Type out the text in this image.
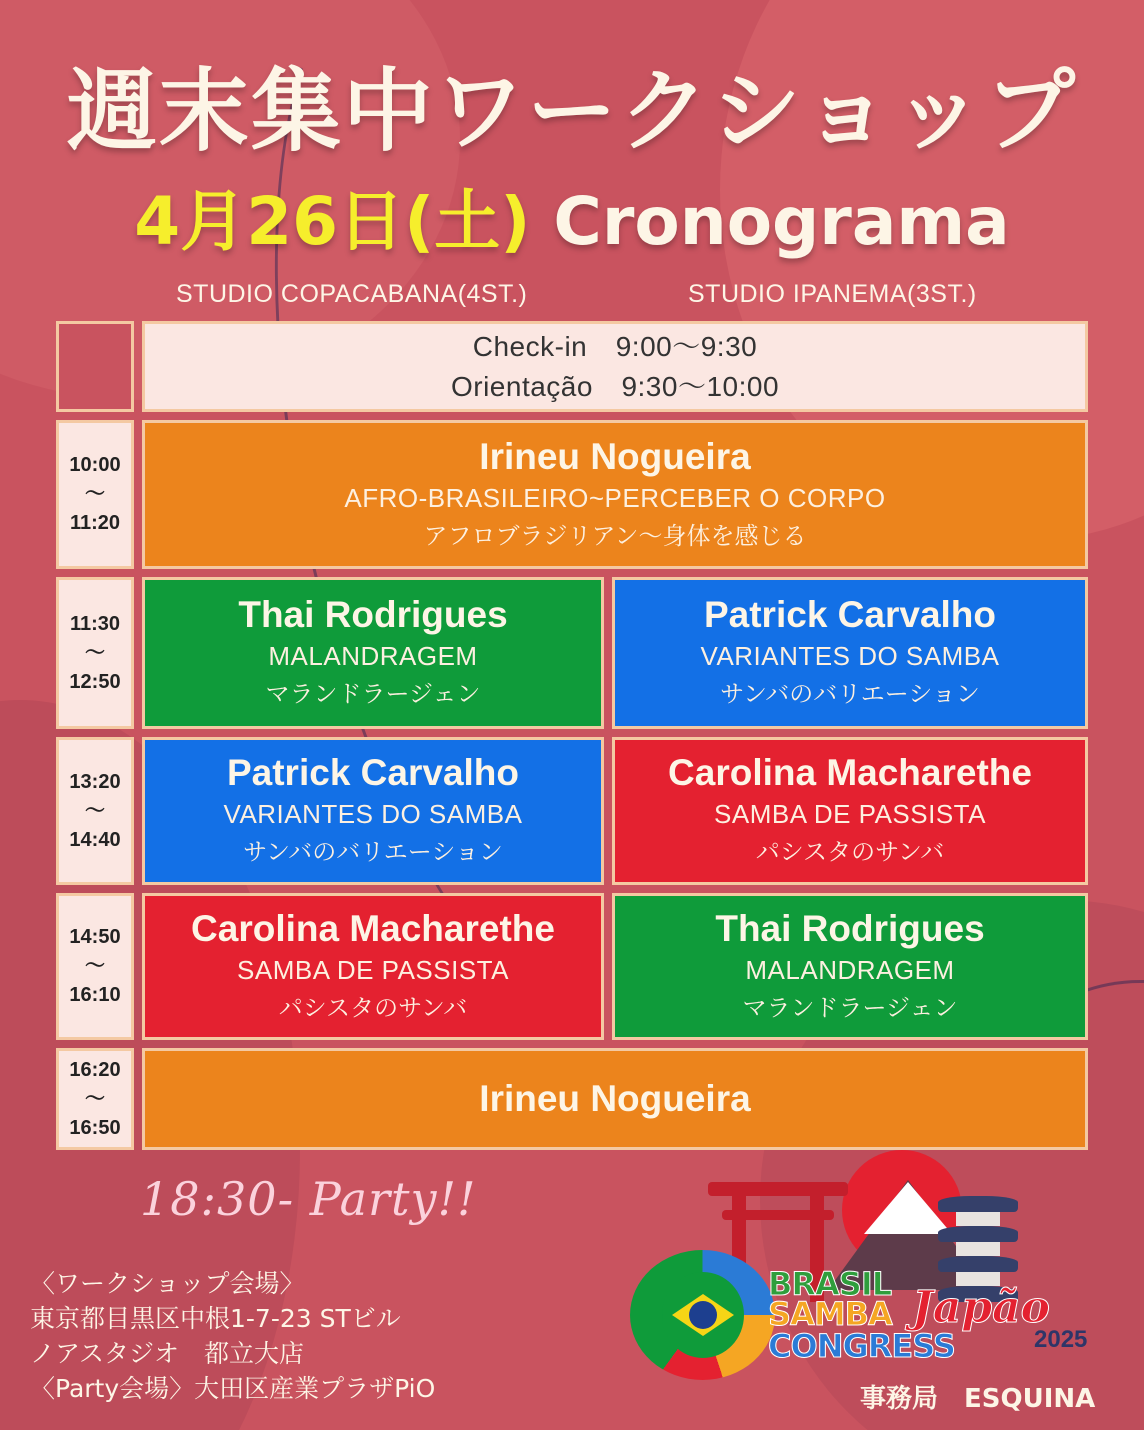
週末集中ワークショップ
4月26日(土) Cronograma
STUDIO COPACABANA(4ST.)	STUDIO IPANEMA(3ST.)
Check-in　9:00〜9:30
Orientação　9:30〜10:00
10:00
〜
11:20
Irineu Nogueira
AFRO-BRASILEIRO~PERCEBER O CORPO
アフロブラジリアン〜身体を感じる
11:30
〜
12:50
Thai Rodrigues
MALANDRAGEM
マランドラージェン
Patrick Carvalho
VARIANTES DO SAMBA
サンバのバリエーション
13:20
〜
14:40
Patrick Carvalho
VARIANTES DO SAMBA
サンバのバリエーション
Carolina Macharethe
SAMBA DE PASSISTA
パシスタのサンバ
14:50
〜
16:10
Carolina Macharethe
SAMBA DE PASSISTA
パシスタのサンバ
Thai Rodrigues
MALANDRAGEM
マランドラージェン
16:20
〜
16:50
Irineu Nogueira
18:30- Party!!
〈ワークショップ会場〉
東京都目黒区中根1-7-23 STビル
ノアスタジオ　都立大店
〈Party会場〉大田区産業プラザPiO
BRASIL
SAMBA
CONGRESS
Japão
2025
事務局　ESQUINA
